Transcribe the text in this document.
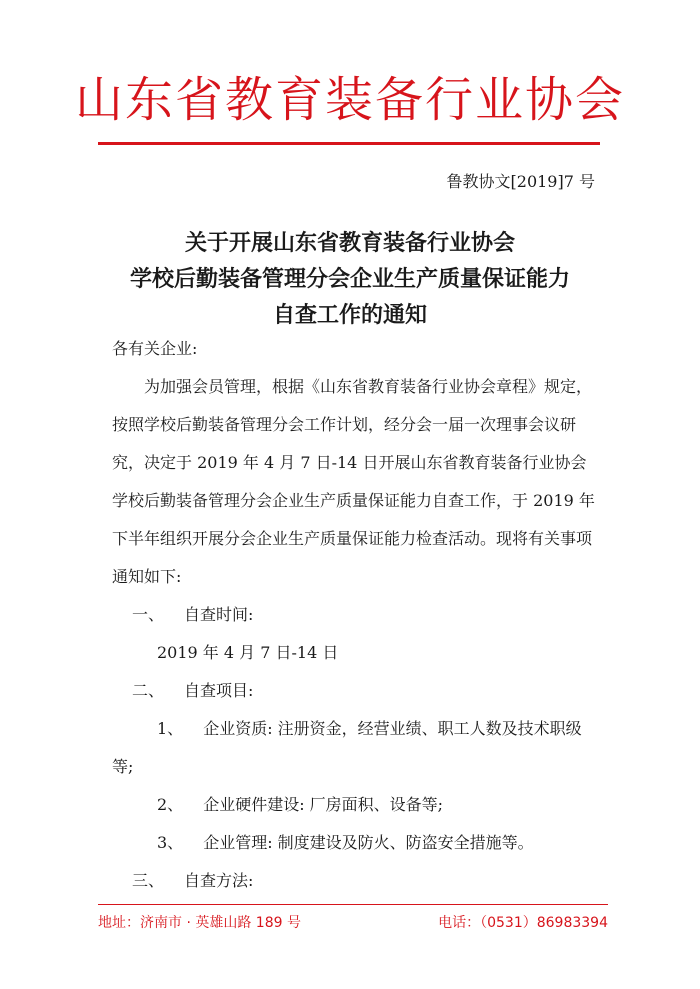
山东省教育装备行业协会
鲁教协文[2019]7 号
关于开展山东省教育装备行业协会
学校后勤装备管理分会企业生产质量保证能力
自查工作的通知

各有关企业:

为加强会员管理，根据《山东省教育装备行业协会章程》规定，按照学校后勤装备管理分会工作计划，经分会一届一次理事会议研究，决定于 2019 年 4 月 7 日-14 日开展山东省教育装备行业协会学校后勤装备管理分会企业生产质量保证能力自查工作，于 2019 年下半年组织开展分会企业生产质量保证能力检查活动。现将有关事项通知如下:

一、 自查时间:

2019 年 4 月 7 日-14 日

二、 自查项目:

1、 企业资质: 注册资金，经营业绩、职工人数及技术职级等;

2、 企业硬件建设: 厂房面积、设备等;

3、 企业管理: 制度建设及防火、防盗安全措施等。

三、 自查方法:

地址：济南市 · 英雄山路 189 号	电话：（0531）86983394
